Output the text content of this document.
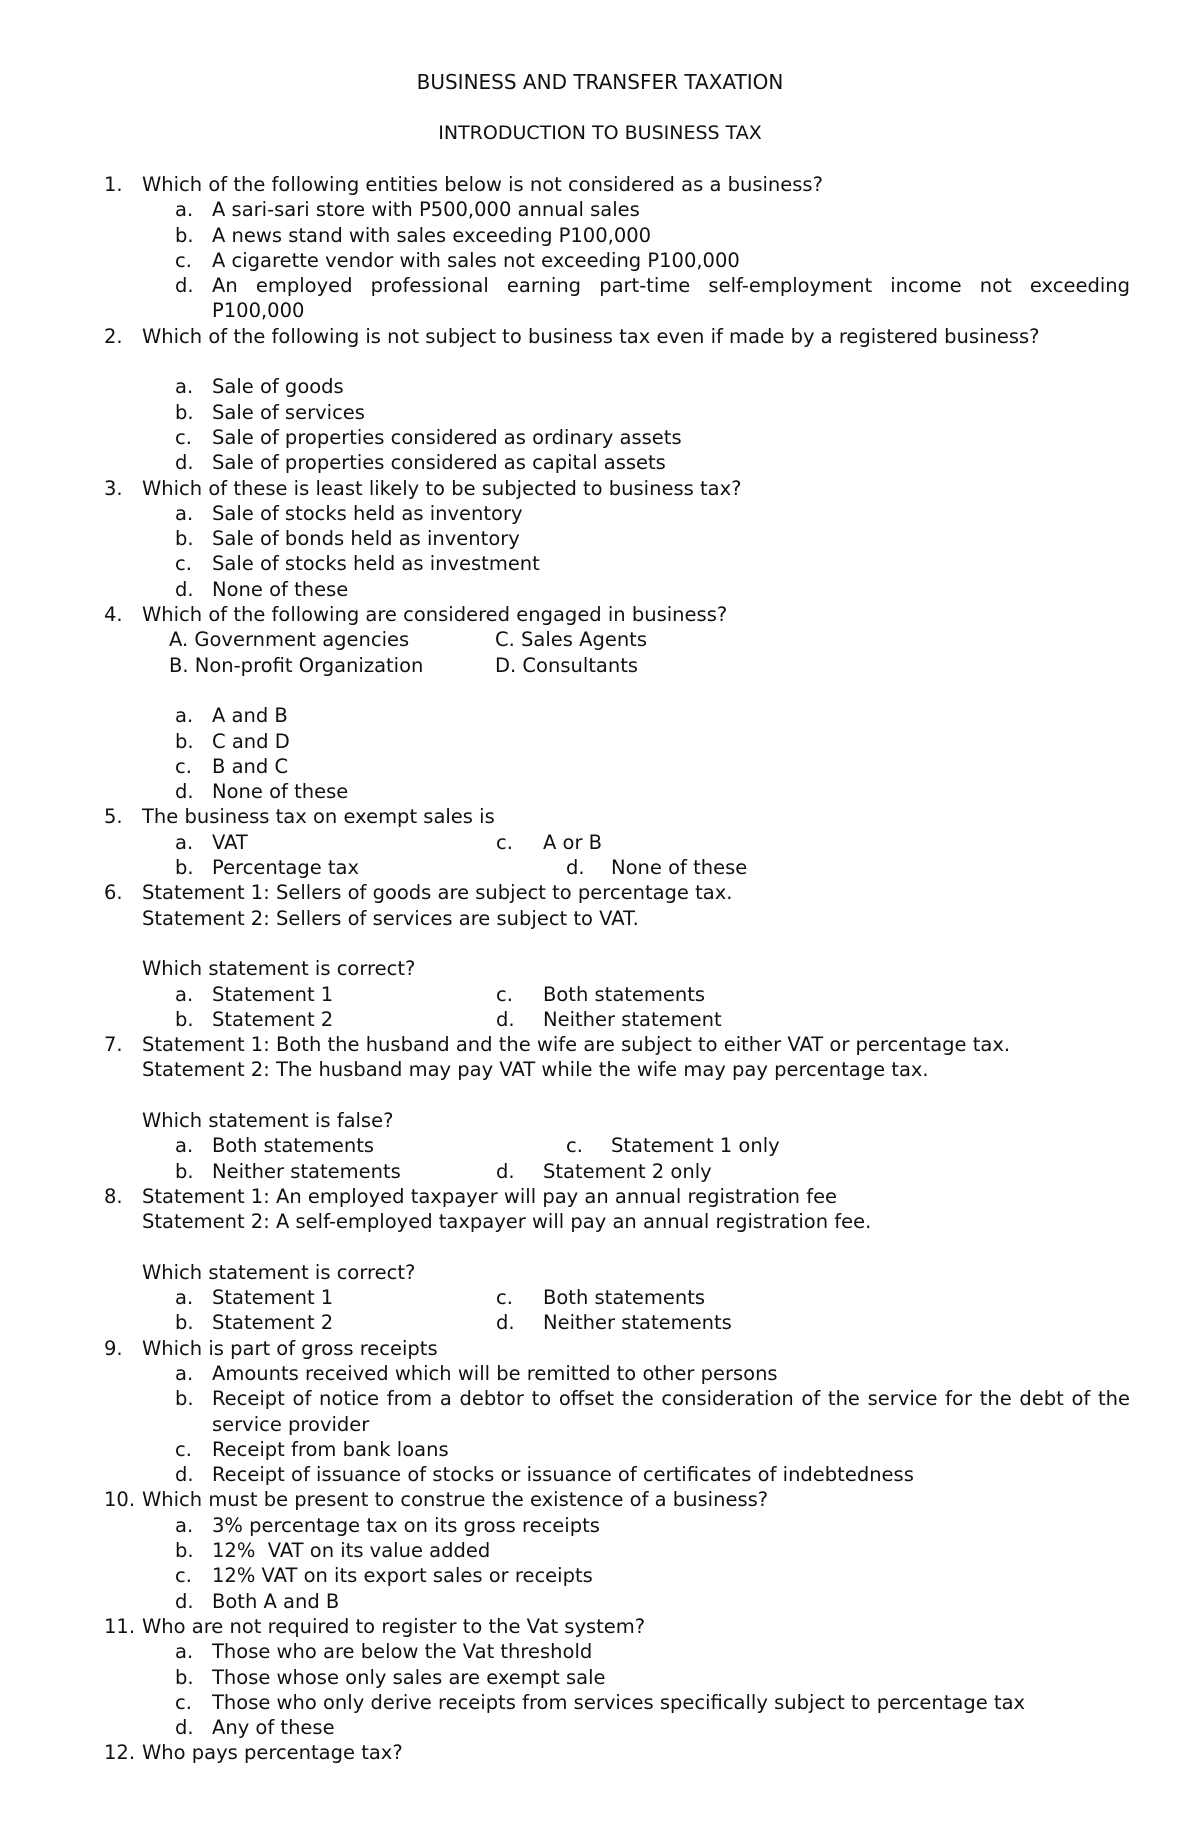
BUSINESS AND TRANSFER TAXATION
INTRODUCTION TO BUSINESS TAX
1. Which of the following entities below is not considered as a business?
a. A sari-sari store with P500,000 annual sales
b. A news stand with sales exceeding P100,000
c. A cigarette vendor with sales not exceeding P100,000
d. An employed professional earning part-time self-employment income not exceeding P100,000
2. Which of the following is not subject to business tax even if made by a registered business?
a. Sale of goods
b. Sale of services
c. Sale of properties considered as ordinary assets
d. Sale of properties considered as capital assets
3. Which of these is least likely to be subjected to business tax?
a. Sale of stocks held as inventory
b. Sale of bonds held as inventory
c. Sale of stocks held as investment
d. None of these
4. Which of the following are considered engaged in business?
A. Government agencies	C. Sales Agents
B. Non-profit Organization	D. Consultants
a. A and B
b. C and D
c. B and C
d. None of these
5. The business tax on exempt sales is
a. VAT	c. A or B
b. Percentage tax	d. None of these
6. Statement 1: Sellers of goods are subject to percentage tax.
Statement 2: Sellers of services are subject to VAT.
Which statement is correct?
a. Statement 1	c. Both statements
b. Statement 2	d. Neither statement
7. Statement 1: Both the husband and the wife are subject to either VAT or percentage tax.
Statement 2: The husband may pay VAT while the wife may pay percentage tax.
Which statement is false?
a. Both statements	c. Statement 1 only
b. Neither statements	d. Statement 2 only
8. Statement 1: An employed taxpayer will pay an annual registration fee
Statement 2: A self-employed taxpayer will pay an annual registration fee.
Which statement is correct?
a. Statement 1	c. Both statements
b. Statement 2	d. Neither statements
9. Which is part of gross receipts
a. Amounts received which will be remitted to other persons
b. Receipt of notice from a debtor to offset the consideration of the service for the debt of the service provider
c. Receipt from bank loans
d. Receipt of issuance of stocks or issuance of certificates of indebtedness
10. Which must be present to construe the existence of a business?
a. 3% percentage tax on its gross receipts
b. 12%  VAT on its value added
c. 12% VAT on its export sales or receipts
d. Both A and B
11. Who are not required to register to the Vat system?
a. Those who are below the Vat threshold
b. Those whose only sales are exempt sale
c. Those who only derive receipts from services specifically subject to percentage tax
d. Any of these
12. Who pays percentage tax?
